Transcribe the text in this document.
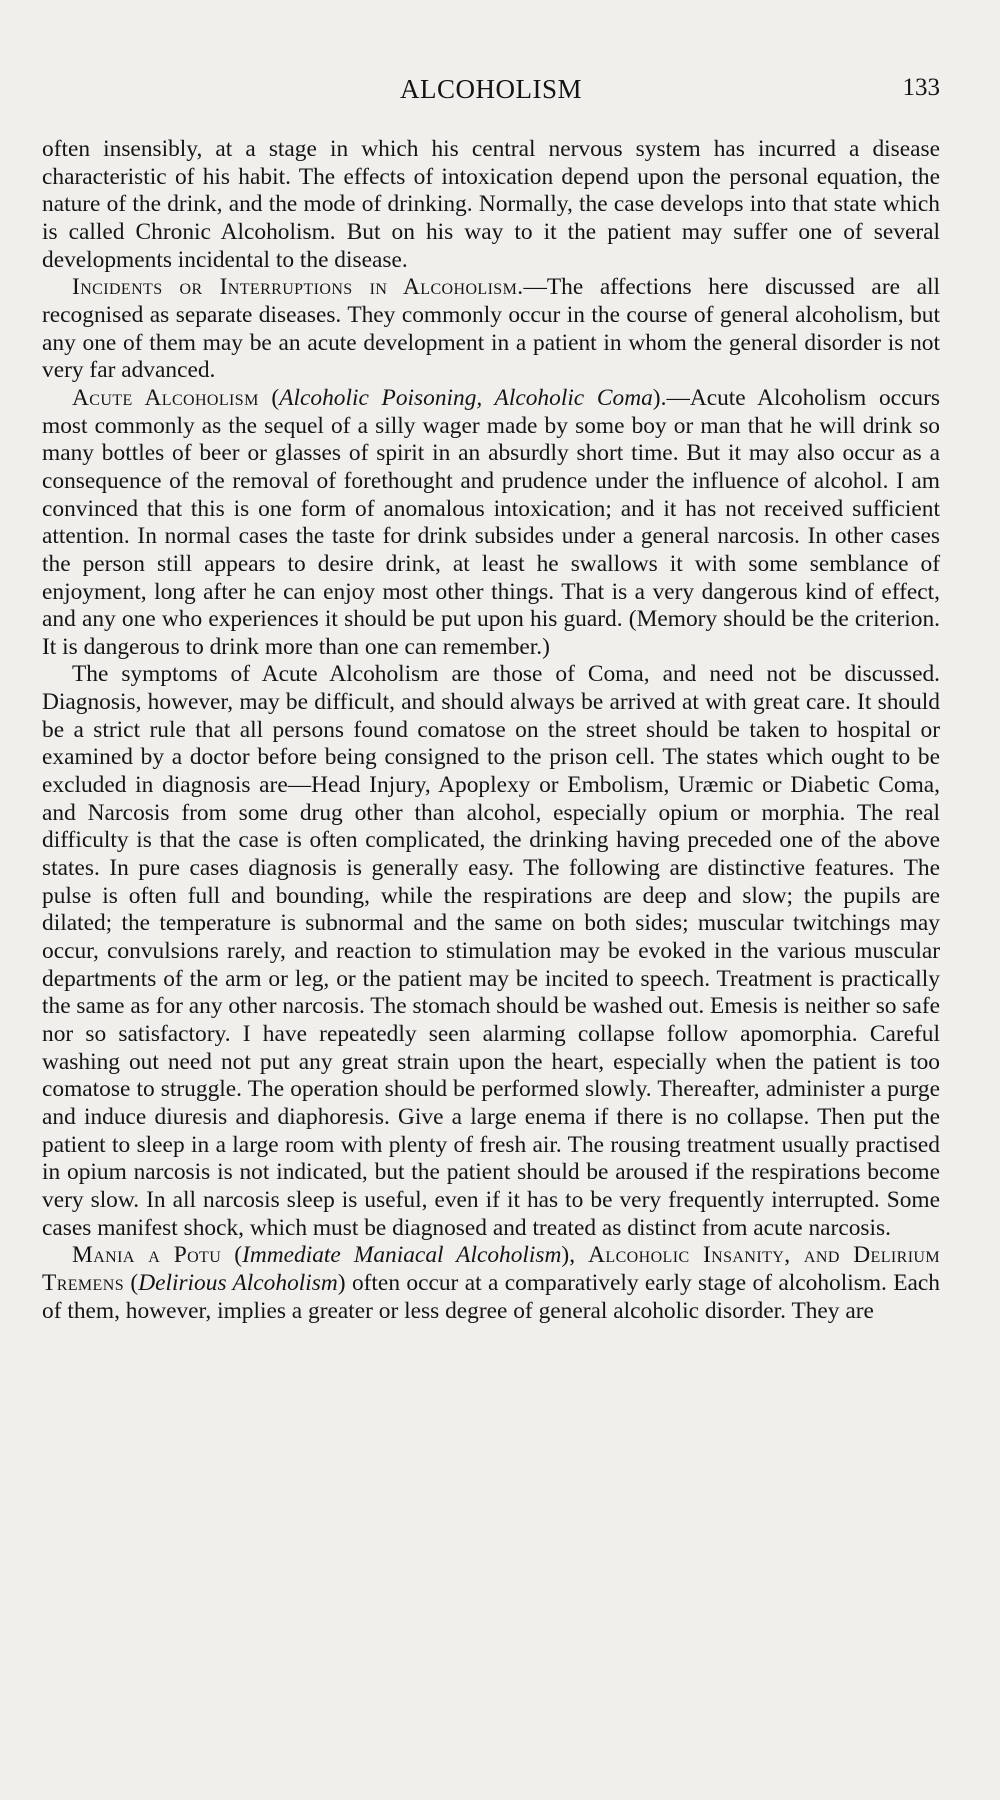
ALCOHOLISM	133

often insensibly, at a stage in which his central nervous system has incurred a disease characteristic of his habit. The effects of intoxication depend upon the personal equation, the nature of the drink, and the mode of drinking. Normally, the case develops into that state which is called Chronic Alcoholism. But on his way to it the patient may suffer one of several developments incidental to the disease.

Incidents or Interruptions in Alcoholism.—The affections here discussed are all recognised as separate diseases. They commonly occur in the course of general alcoholism, but any one of them may be an acute development in a patient in whom the general disorder is not very far advanced.

Acute Alcoholism (Alcoholic Poisoning, Alcoholic Coma).—Acute Alcoholism occurs most commonly as the sequel of a silly wager made by some boy or man that he will drink so many bottles of beer or glasses of spirit in an absurdly short time. But it may also occur as a consequence of the removal of forethought and prudence under the influence of alcohol. I am convinced that this is one form of anomalous intoxication; and it has not received sufficient attention. In normal cases the taste for drink subsides under a general narcosis. In other cases the person still appears to desire drink, at least he swallows it with some semblance of enjoyment, long after he can enjoy most other things. That is a very dangerous kind of effect, and any one who experiences it should be put upon his guard. (Memory should be the criterion. It is dangerous to drink more than one can remember.)

The symptoms of Acute Alcoholism are those of Coma, and need not be discussed. Diagnosis, however, may be difficult, and should always be arrived at with great care. It should be a strict rule that all persons found comatose on the street should be taken to hospital or examined by a doctor before being consigned to the prison cell. The states which ought to be excluded in diagnosis are—Head Injury, Apoplexy or Embolism, Uræmic or Diabetic Coma, and Narcosis from some drug other than alcohol, especially opium or morphia. The real difficulty is that the case is often complicated, the drinking having preceded one of the above states. In pure cases diagnosis is generally easy. The following are distinctive features. The pulse is often full and bounding, while the respirations are deep and slow; the pupils are dilated; the temperature is subnormal and the same on both sides; muscular twitchings may occur, convulsions rarely, and reaction to stimulation may be evoked in the various muscular departments of the arm or leg, or the patient may be incited to speech. Treatment is practically the same as for any other narcosis. The stomach should be washed out. Emesis is neither so safe nor so satisfactory. I have repeatedly seen alarming collapse follow apomorphia. Careful washing out need not put any great strain upon the heart, especially when the patient is too comatose to struggle. The operation should be performed slowly. Thereafter, administer a purge and induce diuresis and diaphoresis. Give a large enema if there is no collapse. Then put the patient to sleep in a large room with plenty of fresh air. The rousing treatment usually practised in opium narcosis is not indicated, but the patient should be aroused if the respirations become very slow. In all narcosis sleep is useful, even if it has to be very frequently interrupted. Some cases manifest shock, which must be diagnosed and treated as distinct from acute narcosis.

Mania a Potu (Immediate Maniacal Alcoholism), Alcoholic Insanity, and Delirium Tremens (Delirious Alcoholism) often occur at a comparatively early stage of alcoholism. Each of them, however, implies a greater or less degree of general alcoholic disorder. They are
